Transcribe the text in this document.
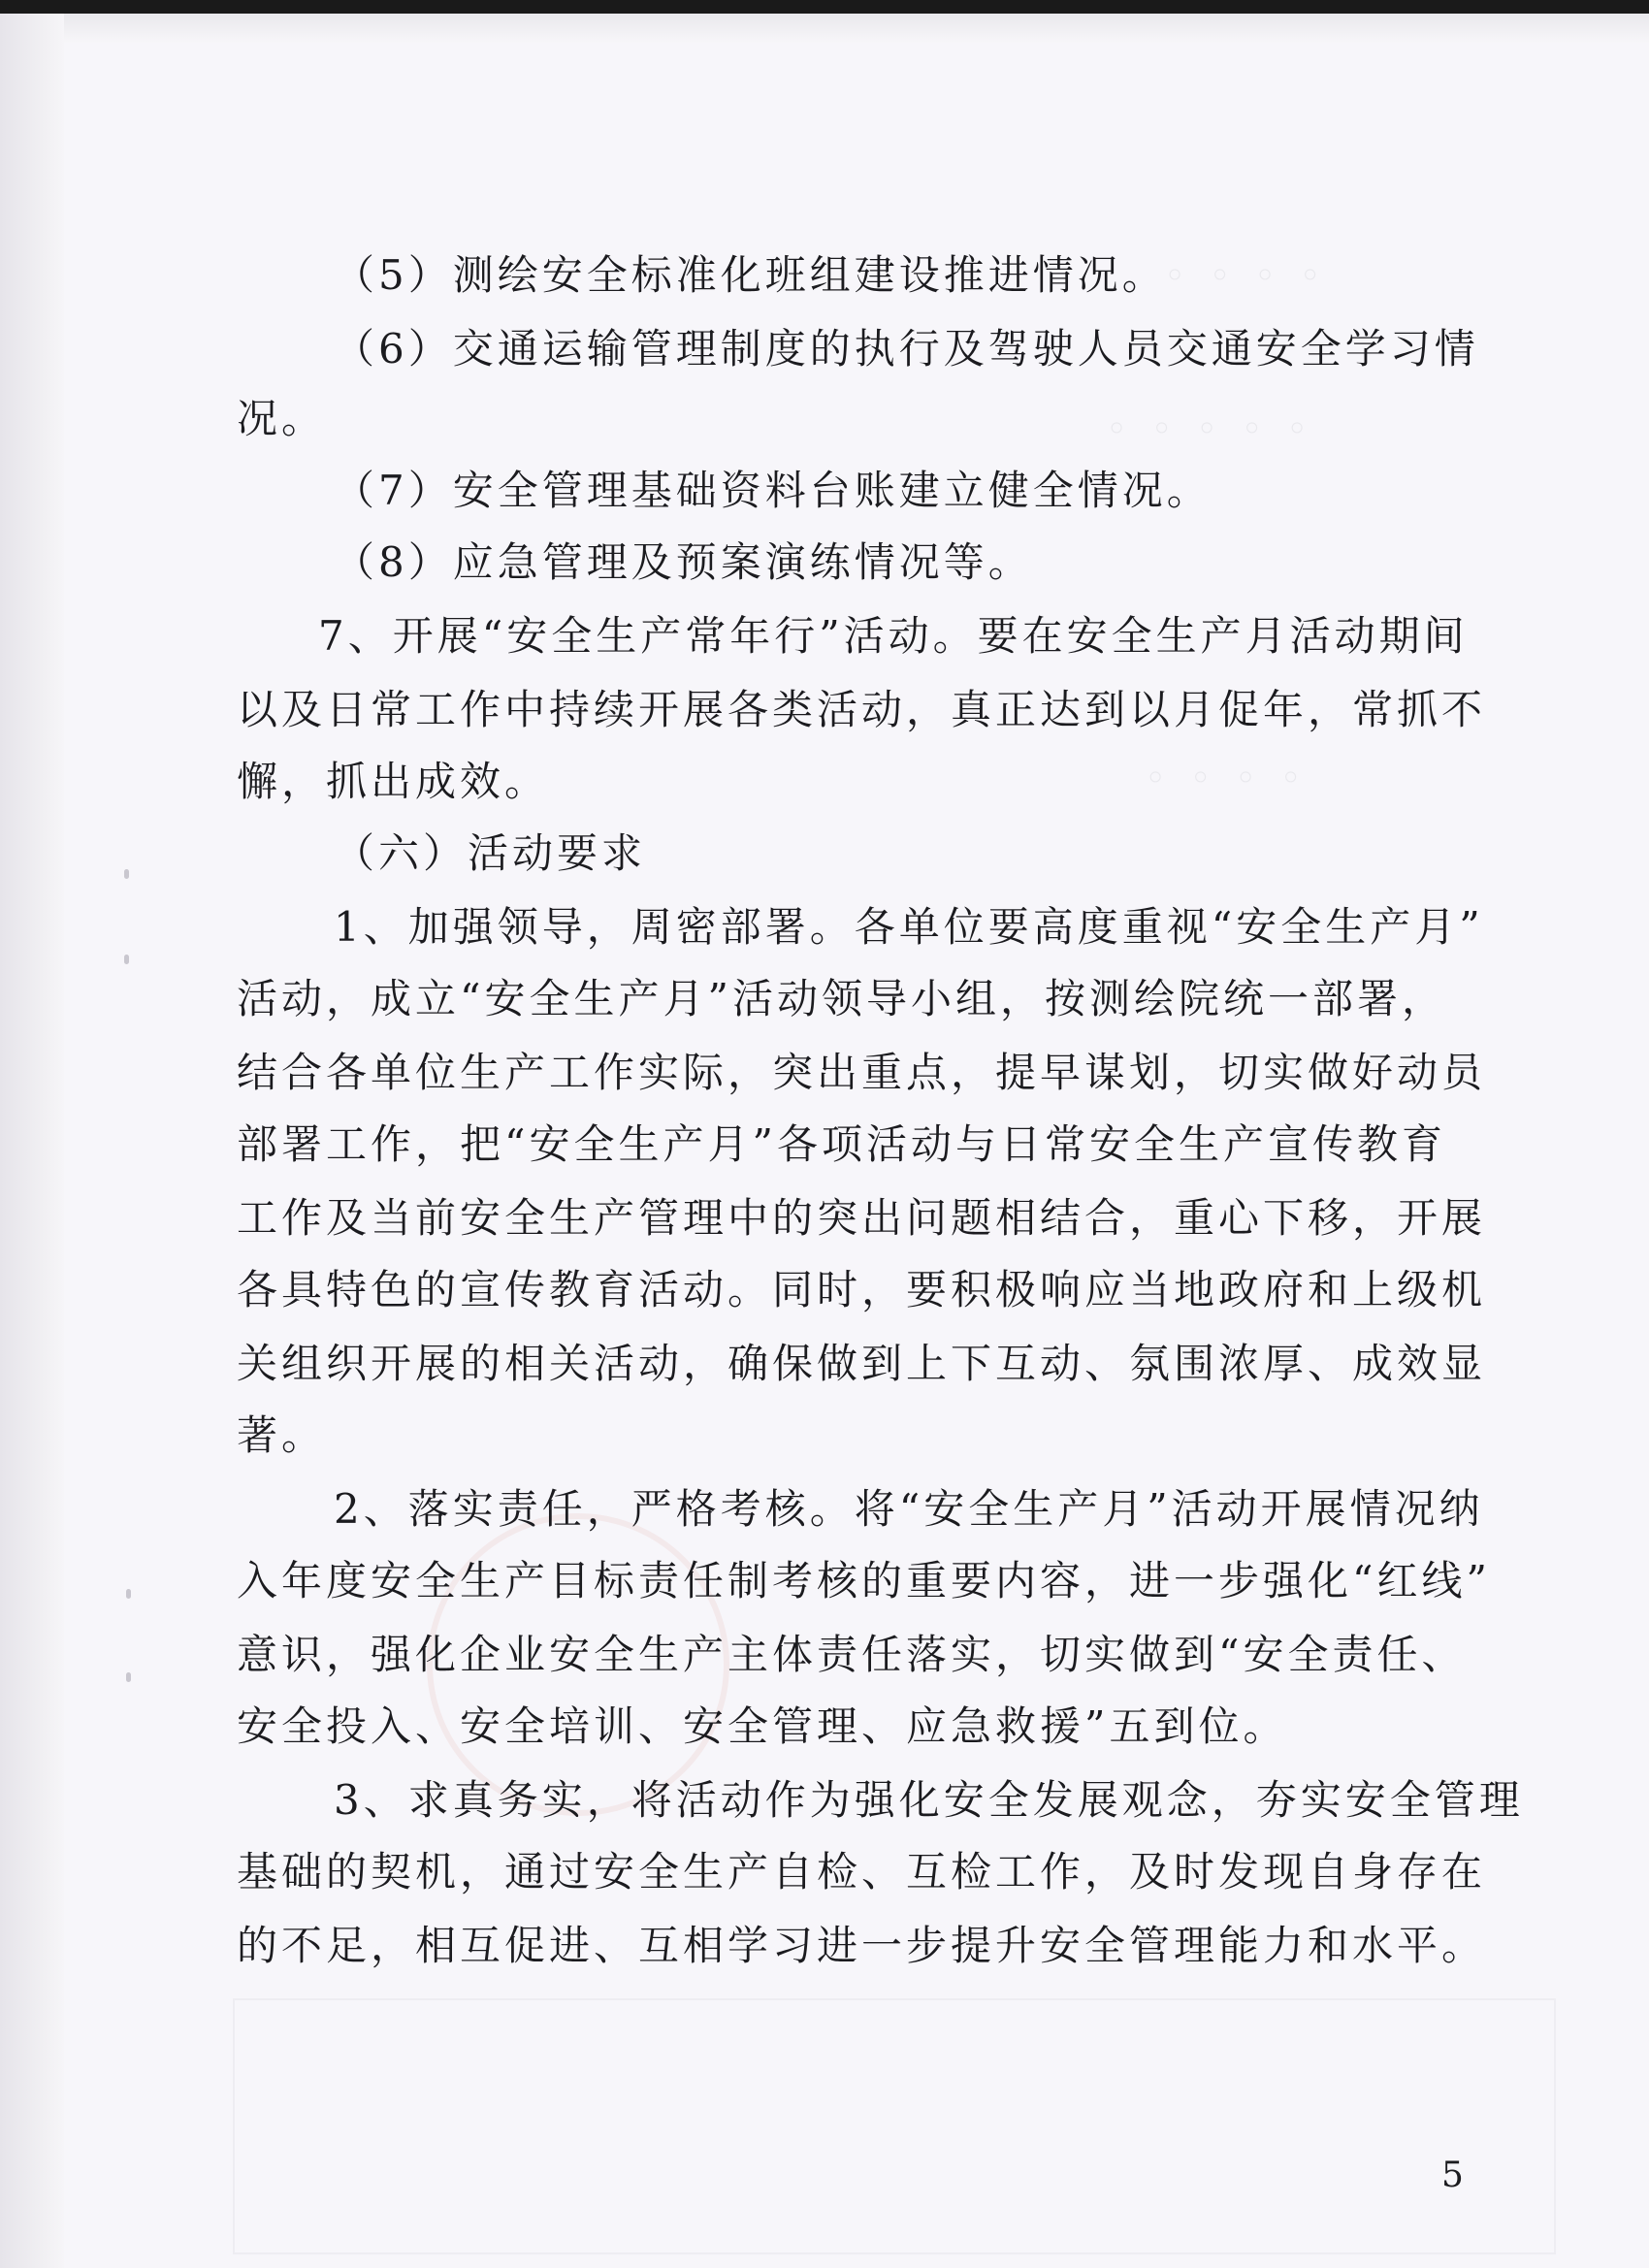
◦ ◦ ◦ ◦
◦ ◦ ◦ ◦ ◦
◦ ◦ ◦ ◦
（5）测绘安全标准化班组建设推进情况。
（6）交通运输管理制度的执行及驾驶人员交通安全学习情
况。
（7）安全管理基础资料台账建立健全情况。
（8）应急管理及预案演练情况等。
7、开展“安全生产常年行”活动。要在安全生产月活动期间
以及日常工作中持续开展各类活动，真正达到以月促年，常抓不
懈，抓出成效。
（六）活动要求
1、加强领导，周密部署。各单位要高度重视“安全生产月”
活动，成立“安全生产月”活动领导小组，按测绘院统一部署，
结合各单位生产工作实际，突出重点，提早谋划，切实做好动员
部署工作，把“安全生产月”各项活动与日常安全生产宣传教育
工作及当前安全生产管理中的突出问题相结合，重心下移，开展
各具特色的宣传教育活动。同时，要积极响应当地政府和上级机
关组织开展的相关活动，确保做到上下互动、氛围浓厚、成效显
著。
2、落实责任，严格考核。将“安全生产月”活动开展情况纳
入年度安全生产目标责任制考核的重要内容，进一步强化“红线”
意识，强化企业安全生产主体责任落实，切实做到“安全责任、
安全投入、安全培训、安全管理、应急救援”五到位。
3、求真务实，将活动作为强化安全发展观念，夯实安全管理
基础的契机，通过安全生产自检、互检工作，及时发现自身存在
的不足，相互促进、互相学习进一步提升安全管理能力和水平。
5
